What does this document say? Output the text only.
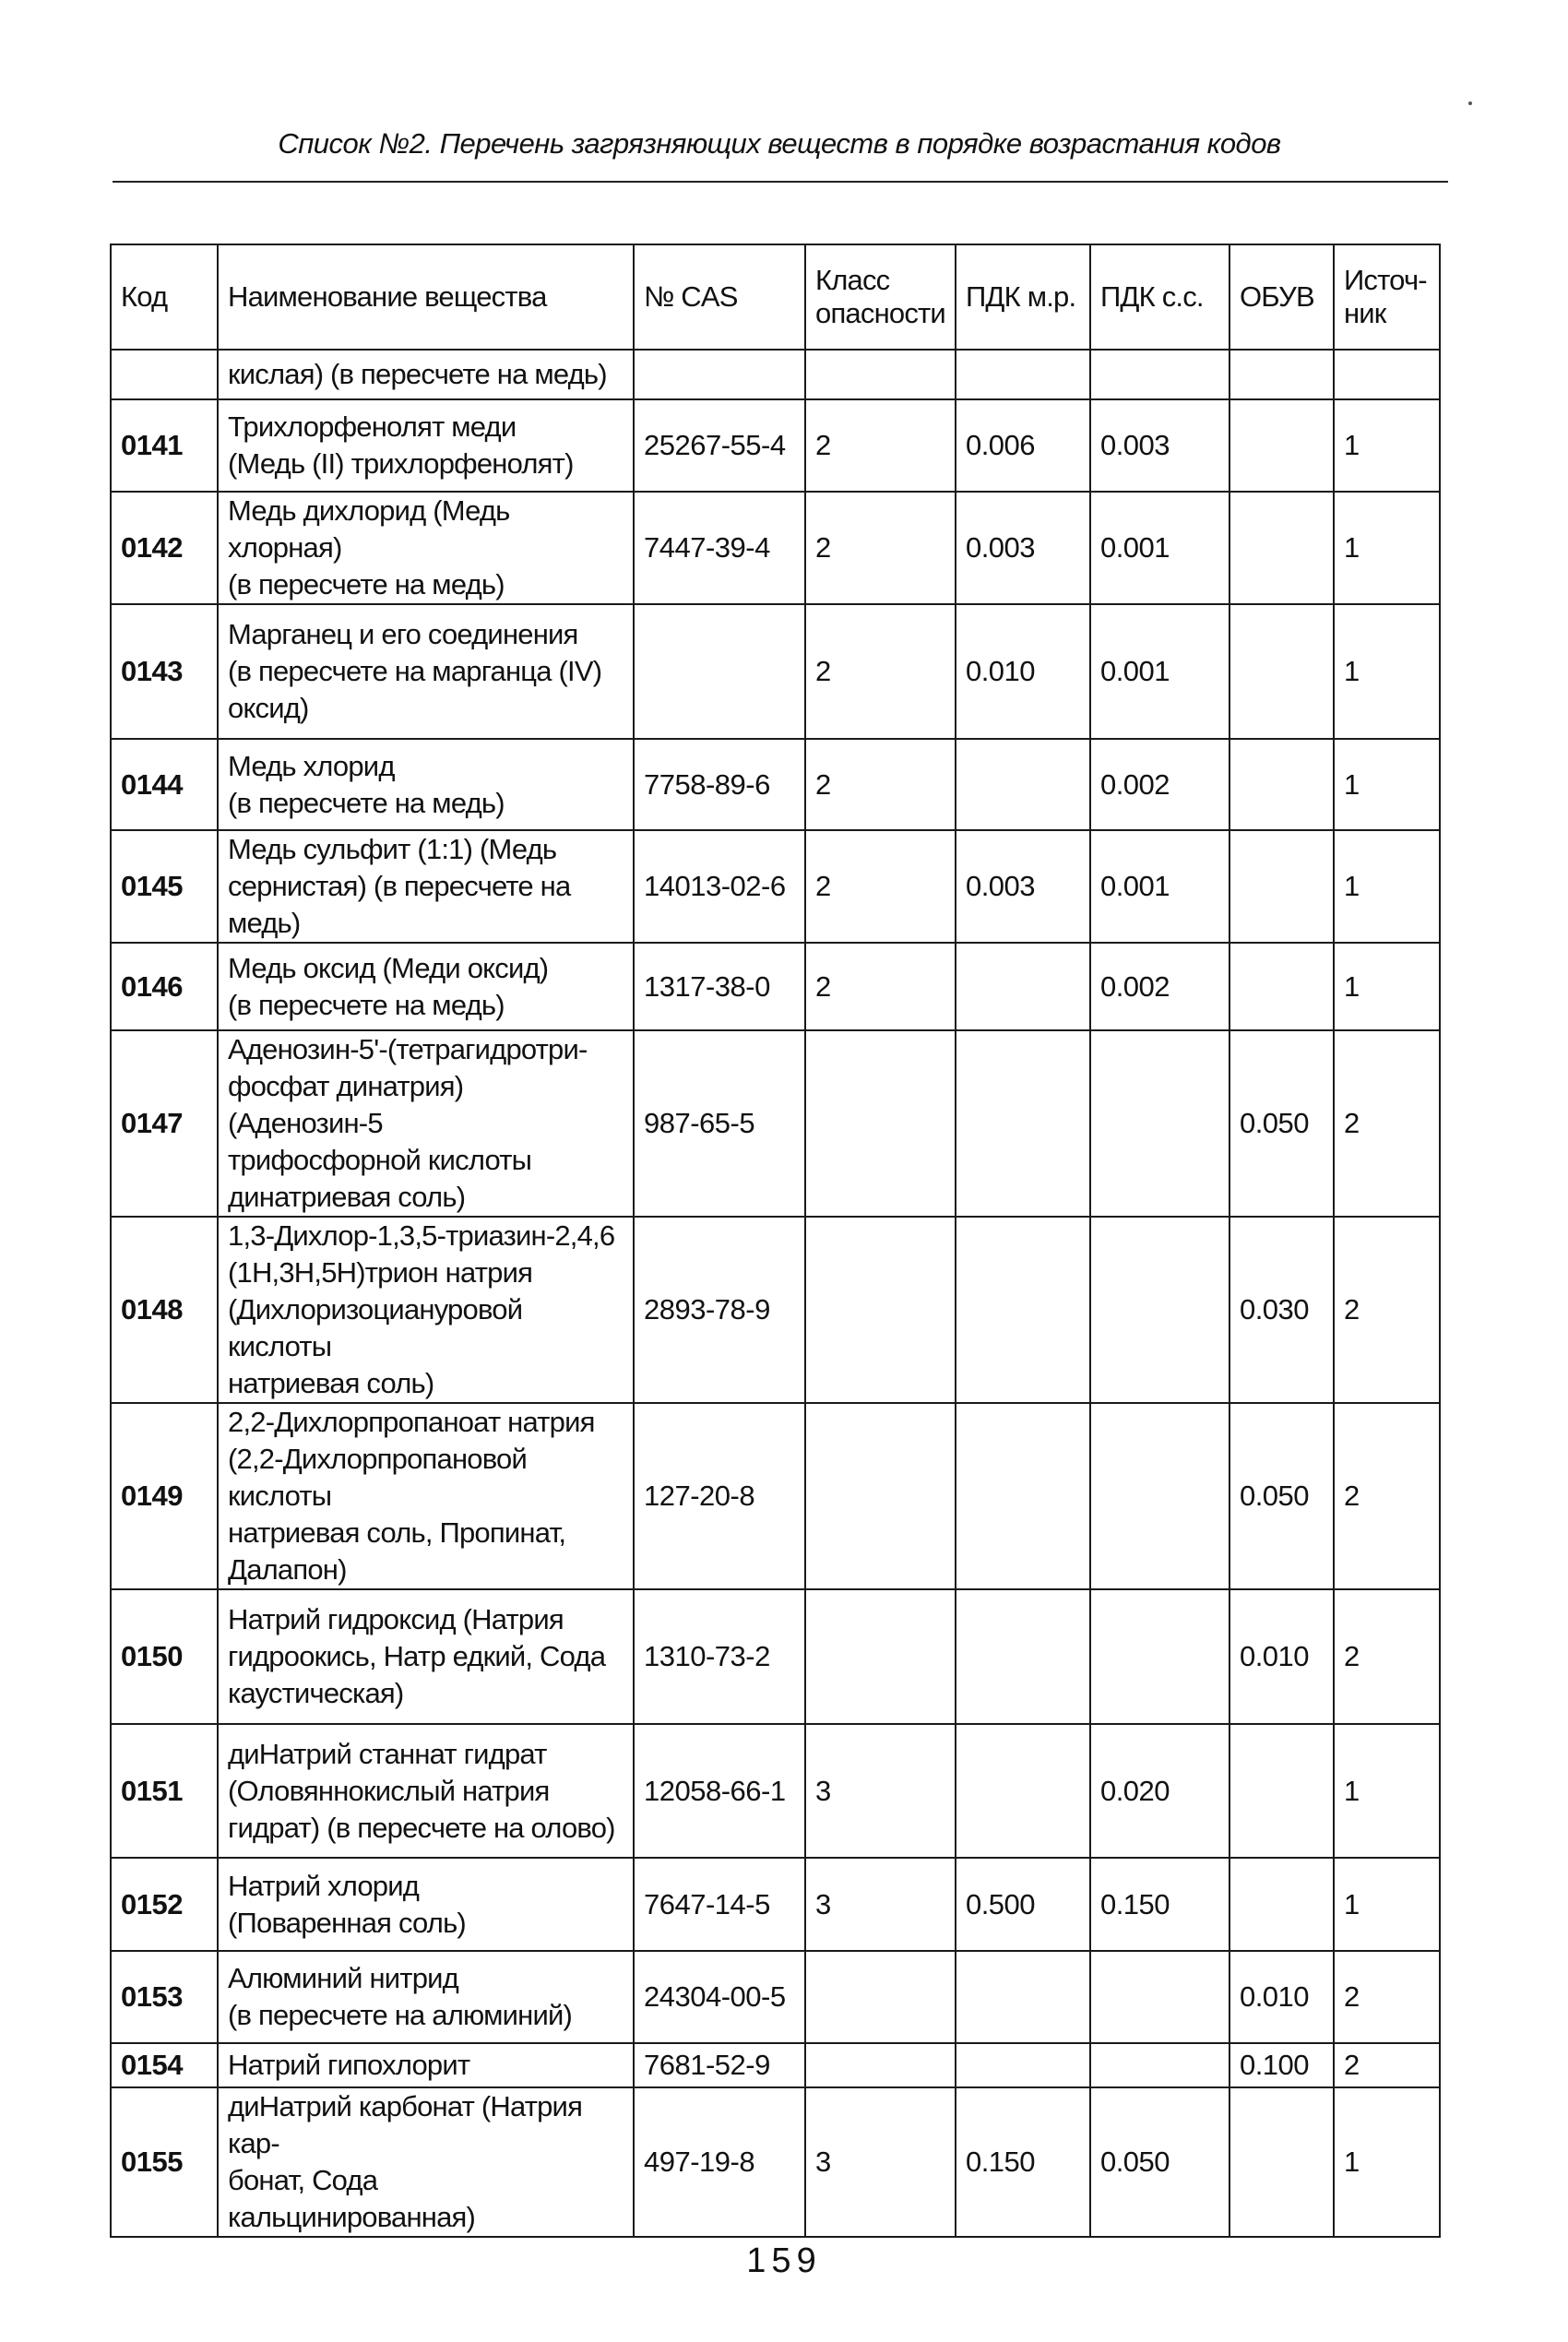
Список №2. Перечень загрязняющих веществ в порядке возрастания кодов
Код	Наименование вещества	№ CAS	Класс опасности	ПДК м.р.	ПДК с.с.	ОБУВ	Источ-ник
	кислая) (в пересчете на медь)						
0141	Трихлорфенолят меди
(Медь (II) трихлорфенолят)	25267-55-4	2	0.006	0.003		1
0142	Медь дихлорид (Медь хлорная)
(в пересчете на медь)	7447-39-4	2	0.003	0.001		1
0143	Марганец и его соединения
(в пересчете на марганца (IV)
оксид)		2	0.010	0.001		1
0144	Медь хлорид
(в пересчете на медь)	7758-89-6	2		0.002		1
0145	Медь сульфит (1:1) (Медь
сернистая) (в пересчете на медь)	14013-02-6	2	0.003	0.001		1
0146	Медь оксид (Меди оксид)
(в пересчете на медь)	1317-38-0	2		0.002		1
0147	Аденозин-5'-(тетрагидротри-
фосфат динатрия) (Аденозин-5
трифосфорной кислоты
динатриевая соль)	987-65-5				0.050	2
0148	1,3-Дихлор-1,3,5-триазин-2,4,6
(1H,3H,5H)трион натрия
(Дихлоризоциануровой кислоты
натриевая соль)	2893-78-9				0.030	2
0149	2,2-Дихлорпропаноат натрия
(2,2-Дихлорпропановой кислоты
натриевая соль, Пропинат,
Далапон)	127-20-8				0.050	2
0150	Натрий гидроксид (Натрия
гидроокись, Натр едкий, Сода
каустическая)	1310-73-2				0.010	2
0151	диНатрий станнат гидрат
(Оловяннокислый натрия
гидрат) (в пересчете на олово)	12058-66-1	3		0.020		1
0152	Натрий хлорид
(Поваренная соль)	7647-14-5	3	0.500	0.150		1
0153	Алюминий нитрид
(в пересчете на алюминий)	24304-00-5				0.010	2
0154	Натрий гипохлорит	7681-52-9				0.100	2
0155	диНатрий карбонат (Натрия кар-
бонат, Сода кальцинированная)	497-19-8	3	0.150	0.050		1
159
